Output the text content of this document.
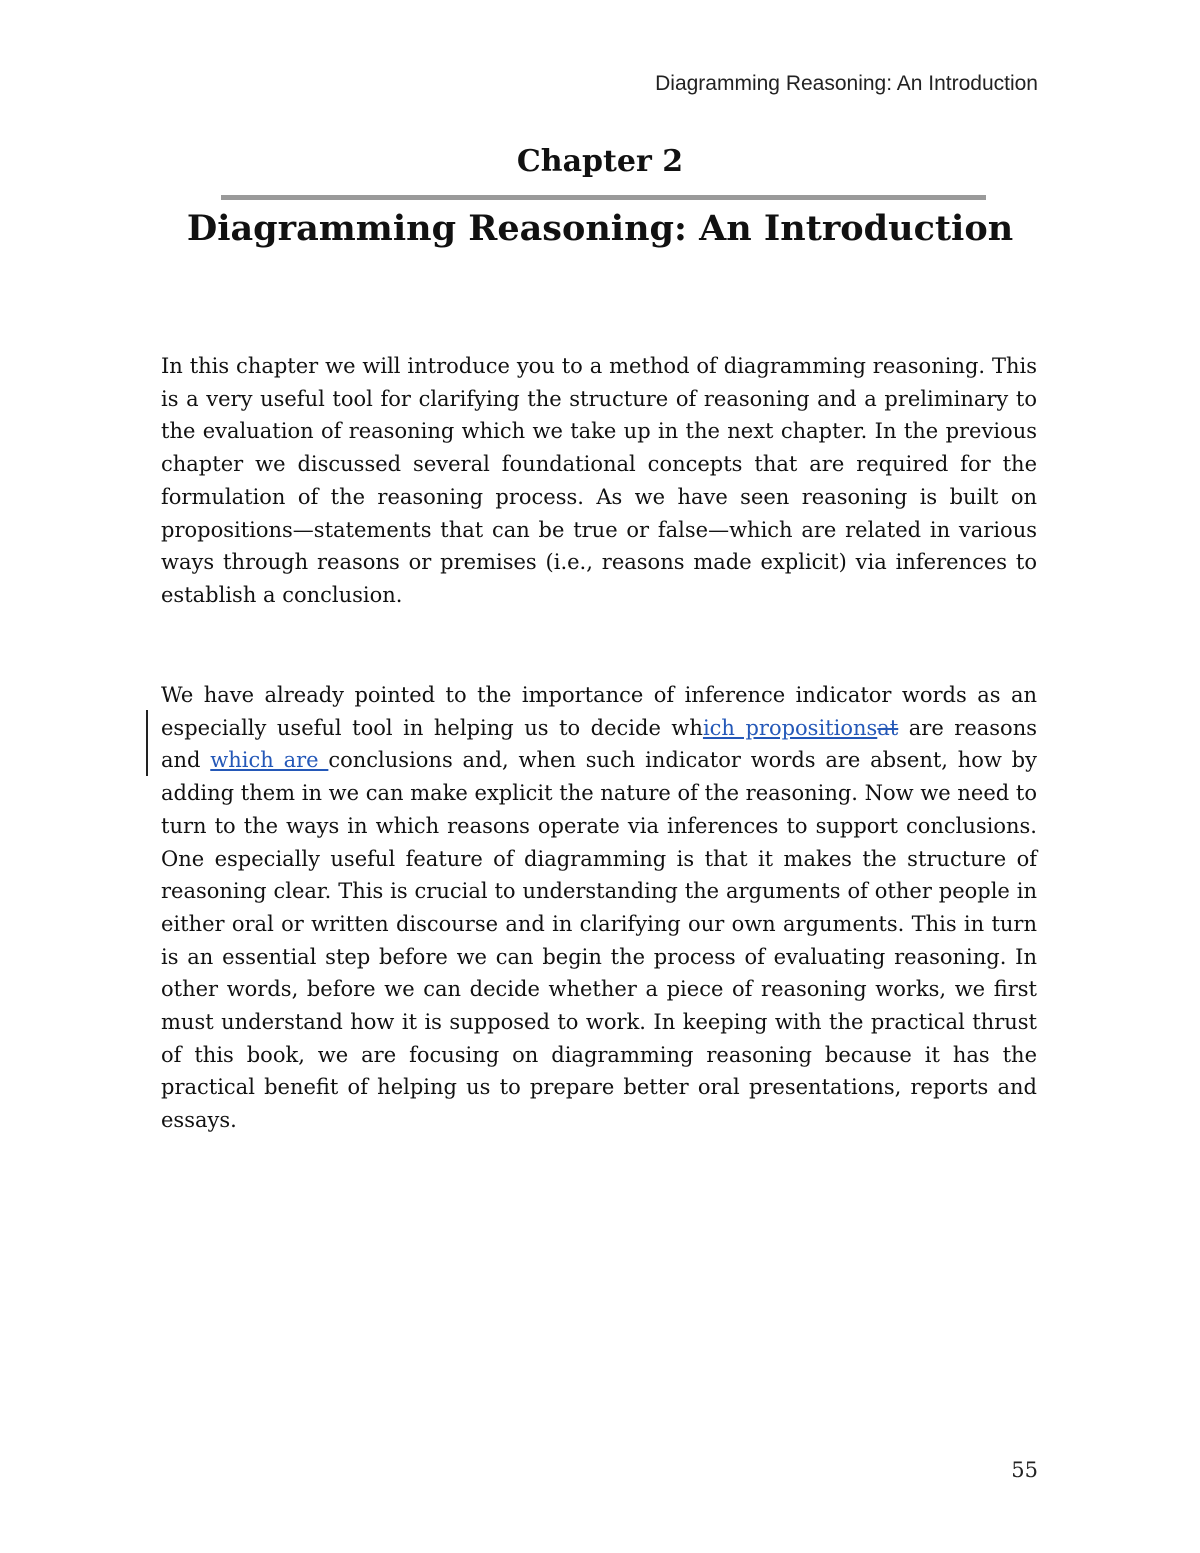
Diagramming Reasoning: An Introduction
Chapter 2
Diagramming Reasoning: An Introduction
In this chapter we will introduce you to a method of diagramming reasoning. This is a very useful tool for clarifying the structure of reasoning and a preliminary to the evaluation of reasoning which we take up in the next chapter. In the previous chapter we discussed several foundational concepts that are required for the formulation of the reasoning process. As we have seen reasoning is built on propositions—statements that can be true or false—which are related in various ways through reasons or premises (i.e., reasons made explicit) via inferences to establish a conclusion.
We have already pointed to the importance of inference indicator words as an especially useful tool in helping us to decide which propositionsat are reasons and which are conclusions and, when such indicator words are absent, how by adding them in we can make explicit the nature of the reasoning. Now we need to turn to the ways in which reasons operate via inferences to support conclusions. One especially useful feature of diagramming is that it makes the structure of reasoning clear. This is crucial to understanding the arguments of other people in either oral or written discourse and in clarifying our own arguments. This in turn is an essential step before we can begin the process of evaluating reasoning. In other words, before we can decide whether a piece of reasoning works, we first must understand how it is supposed to work. In keeping with the practical thrust of this book, we are focusing on diagramming reasoning because it has the practical benefit of helping us to prepare better oral presentations, reports and essays.
55
